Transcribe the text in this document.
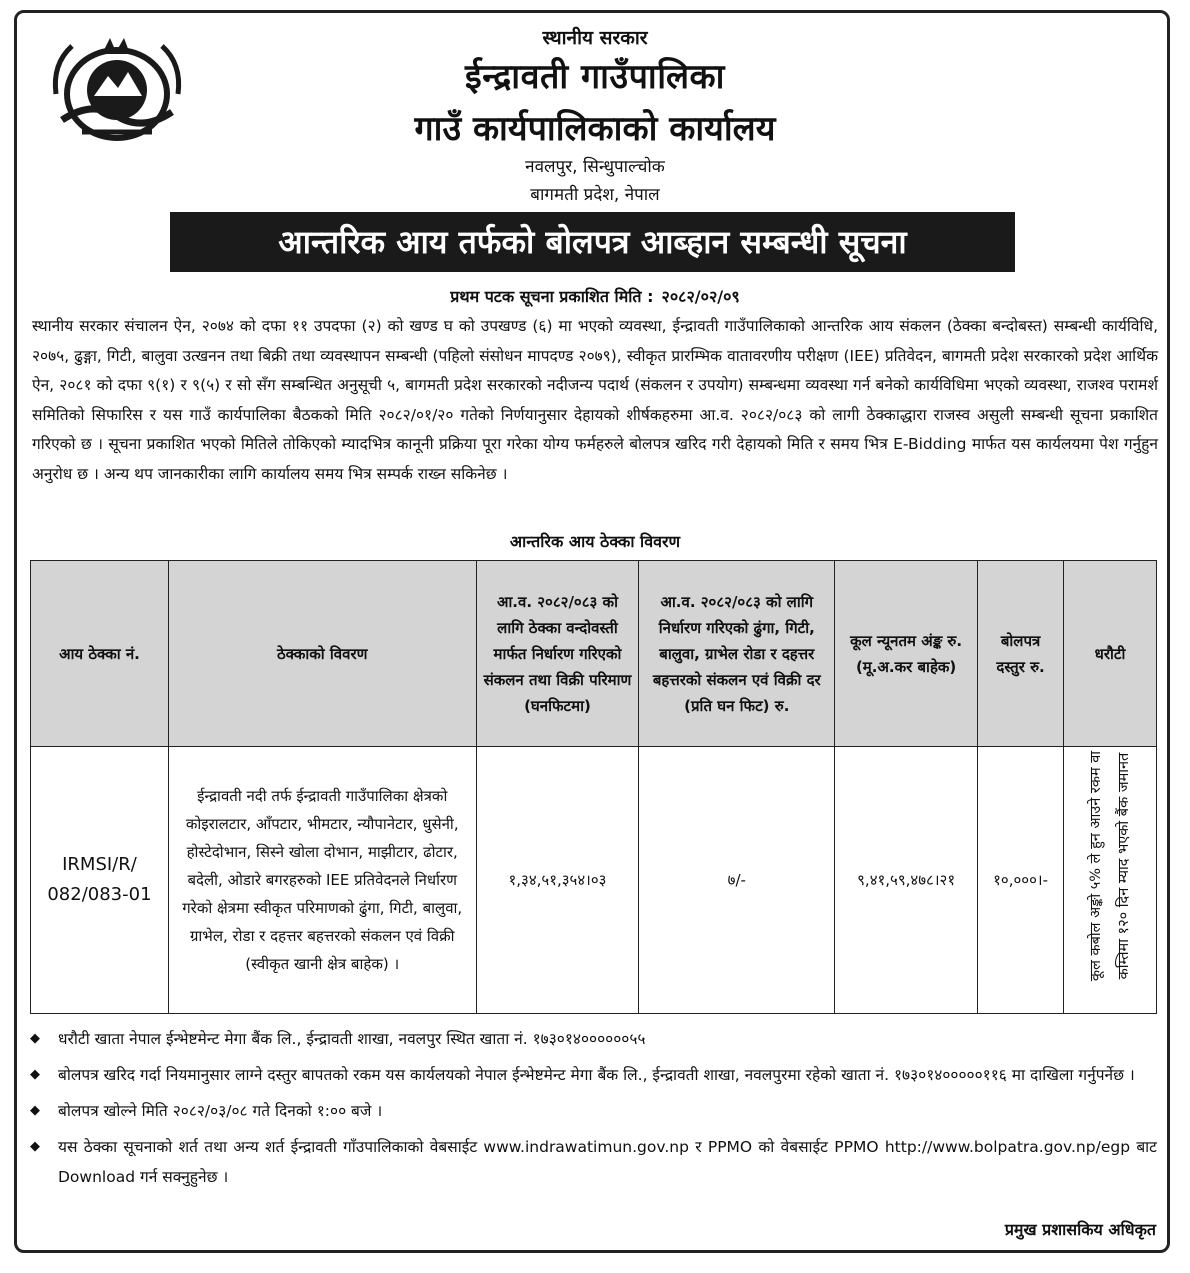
स्थानीय सरकार
ईन्द्रावती गाउँपालिका
गाउँ कार्यपालिकाको कार्यालय
नवलपुर, सिन्धुपाल्चोक
बागमती प्रदेश, नेपाल
आन्तरिक आय तर्फको बोलपत्र आब्हान सम्बन्धी सूचना
प्रथम पटक सूचना प्रकाशित मिति : २०८२/०२/०९
स्थानीय सरकार संचालन ऐन, २०७४ को दफा ११ उपदफा (२) को खण्ड घ को उपखण्ड (६) मा भएको व्यवस्था, ईन्द्रावती गाउँपालिकाको आन्तरिक आय संकलन (ठेक्का बन्दोबस्त) सम्बन्धी कार्यविधि, २०७५, ढुङ्गा, गिटी, बालुवा उत्खनन तथा बिक्री तथा व्यवस्थापन सम्बन्धी (पहिलो संसोधन मापदण्ड २०७९), स्वीकृत प्रारम्भिक वातावरणीय परीक्षण (IEE) प्रतिवेदन, बागमती प्रदेश सरकारको प्रदेश आर्थिक ऐन, २०८१ को दफा ९(१) र ९(५) र सो सँग सम्बन्धित अनुसूची ५, बागमती प्रदेश सरकारको नदीजन्य पदार्थ (संकलन र उपयोग) सम्बन्धमा व्यवस्था गर्न बनेको कार्यविधिमा भएको व्यवस्था, राजश्व परामर्श समितिको सिफारिस र यस गाउँ कार्यपालिका बैठकको मिति २०८२/०१/२० गतेको निर्णयानुसार देहायको शीर्षकहरुमा आ.व. २०८२/०८३ को लागी ठेक्काद्धारा राजस्व असुली सम्बन्धी सूचना प्रकाशित गरिएको छ । सूचना प्रकाशित भएको मितिले तोकिएको म्यादभित्र कानूनी प्रक्रिया पूरा गरेका योग्य फर्महरुले बोलपत्र खरिद गरी देहायको मिति र समय भित्र E-Bidding मार्फत यस कार्यलयमा पेश गर्नुहुन अनुरोध छ । अन्य थप जानकारीका लागि कार्यालय समय भित्र सम्पर्क राख्न सकिनेछ ।
आन्तरिक आय ठेक्का विवरण
आय ठेक्का नं.	ठेक्काको विवरण	आ.व. २०८२/०८३ को लागि ठेक्का वन्दोवस्ती मार्फत निर्धारण गरिएको संकलन तथा विक्री परिमाण (घनफिटमा)	आ.व. २०८२/०८३ को लागि निर्धारण गरिएको ढुंगा, गिटी, बालुवा, ग्राभेल रोडा र दहत्तर बहत्तरको संकलन एवं विक्री दर (प्रति घन फिट) रु.	कूल न्यूनतम अंङ्क रु. (मू.अ.कर बाहेक)	बोलपत्र दस्तुर रु.	धरौटी
IRMSI/R/ 082/083-01	ईन्द्रावती नदी तर्फ ईन्द्रावती गाउँपालिका क्षेत्रको कोइरालटार, आँपटार, भीमटार, न्यौपानेटार, धुसेनी, होस्टेदोभान, सिस्ने खोला दोभान, माझीटार, ढोटार, बदेली, ओडारे बगरहरुको IEE प्रतिवेदनले निर्धारण गरेको क्षेत्रमा स्वीकृत परिमाणको ढुंगा, गिटी, बालुवा, ग्राभेल, रोडा र दहत्तर बहत्तरको संकलन एवं विक्री (स्वीकृत खानी क्षेत्र बाहेक) ।	१,३४,५१,३५४।०३	७/-	९,४१,५९,४७८।२१	१०,०००।-	कूल कबोल अङ्को ५% ले हुन आउने रकम वा कम्तिमा १२० दिन म्याद भएको बैंक जमानत
◆ धरौटी खाता नेपाल ईन्भेष्टमेन्ट मेगा बैंक लि., ईन्द्रावती शाखा, नवलपुर स्थित खाता नं. १७३०१४००००००५५
◆ बोलपत्र खरिद गर्दा नियमानुसार लाग्ने दस्तुर बापतको रकम यस कार्यलयको नेपाल ईन्भेष्टमेन्ट मेगा बैंक लि., ईन्द्रावती शाखा, नवलपुरमा रहेको खाता नं. १७३०१४०००००११६ मा दाखिला गर्नुपर्नेछ ।
◆ बोलपत्र खोल्ने मिति २०८२/०३/०८ गते दिनको १:०० बजे ।
◆ यस ठेक्का सूचनाको शर्त तथा अन्य शर्त ईन्द्रावती गाँउपालिकाको वेबसाईट www.indrawatimun.gov.np र PPMO को वेबसाईट PPMO http://www.bolpatra.gov.np/egp बाट Download गर्न सक्नुहुनेछ ।
प्रमुख प्रशासकिय अधिकृत
